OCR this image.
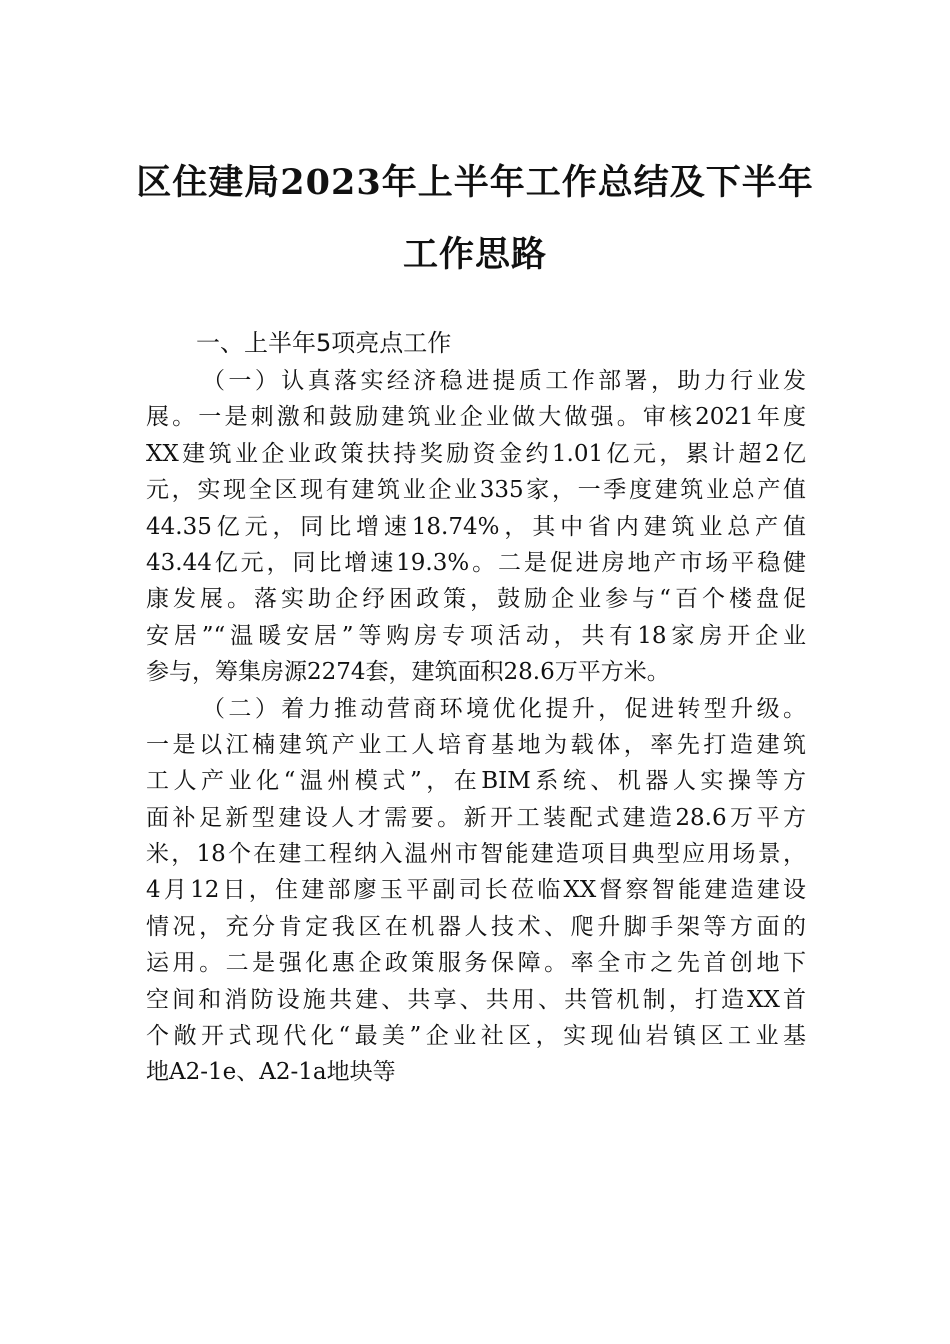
区住建局2023年上半年工作总结及下半年
工作思路
一、上半年5项亮点工作
（一）认真落实经济稳进提质工作部署，助力行业发
展。一是刺激和鼓励建筑业企业做大做强。审核2021年度
XX建筑业企业政策扶持奖励资金约1.01亿元，累计超2亿
元，实现全区现有建筑业企业335家，一季度建筑业总产值
44.35亿元，同比增速18.74%，其中省内建筑业总产值
43.44亿元，同比增速19.3%。二是促进房地产市场平稳健
康发展。落实助企纾困政策，鼓励企业参与“百个楼盘促
安居”“温暖安居”等购房专项活动，共有18家房开企业
参与，筹集房源2274套，建筑面积28.6万平方米。
（二）着力推动营商环境优化提升，促进转型升级。
一是以江楠建筑产业工人培育基地为载体，率先打造建筑
工人产业化“温州模式”，在BIM系统、机器人实操等方
面补足新型建设人才需要。新开工装配式建造28.6万平方
米，18个在建工程纳入温州市智能建造项目典型应用场景，
4月12日，住建部廖玉平副司长莅临XX督察智能建造建设
情况，充分肯定我区在机器人技术、爬升脚手架等方面的
运用。二是强化惠企政策服务保障。率全市之先首创地下
空间和消防设施共建、共享、共用、共管机制，打造XX首
个敞开式现代化“最美”企业社区，实现仙岩镇区工业基
地A2-1e、A2-1a地块等
